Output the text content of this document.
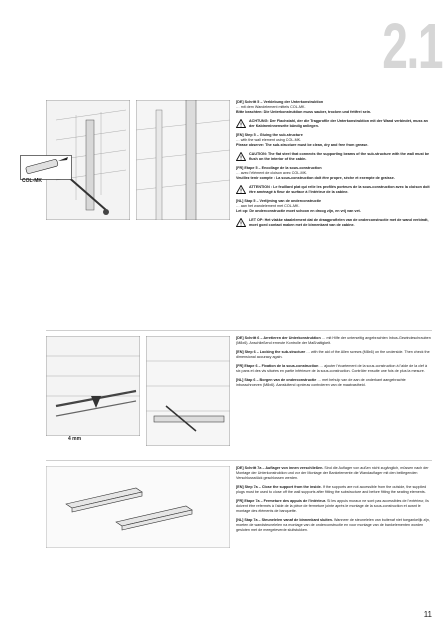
2.1
COL-MK

[DE] Schritt 5 – Verklebung der Unterkonstruktion
… mit dem Wandelement mittels COL-MK.
Bitte beachten: Die Unterkonstruktion muss sauber, trocken und fettfrei sein.

!
ACHTUNG: Der Flachstahl, der die Tragprofile der Unterkonstruktion mit der Wand verbindet, muss an der Kabineninnenseite bündig anliegen.

[EN] Step 5 – Gluing the sub-structure
… with the wall element using COL-MK.
Please observe: The sub-structure must be clean, dry and free from grease.

!
CAUTION: The flat steel that connects the supporting beams of the sub-structure with the wall must be flush on the interior of the cabin.

[FR] Etape 5 – Encollage de la sous-construction
… avec l’élément de cloison avec COL-MK.
Veuillez tenir compte : La sous-construction doit être propre, sèche et exempte de graisse.

!
ATTENTION : Le feuillard plat qui relie les profilés porteurs de la sous-construction avec la cloison doit être aménagé à fleur de surface à l’intérieur de la cabine.

[NL] Stap 5 – Verlijming van de onderconstructie
… aan het wandelement met COL-MK.
Let op: De onderconstructie moet schoon en droog zijn, en vrij van vet.

!
LET OP: Het vlakke staalelement dat de draagprofielen van de onderconstructie met de wand verbindt, moet goed contact maken met de binnenkant van de cabine.
4 mm

[DE] Schritt 6 – Arretieren der Unterkonstruktion … mit Hilfe der unterseitig angebrachten Inbus-Gewindeschrauben (M8x6). Anschließend erneute Kontrolle der Maßhaltigkeit.

[EN] Step 6 – Locking the sub-structure … with the aid of the Allen screws (M8x6) on the underside. Then check the dimensional accuracy again.

[FR] Etape 6 – Fixation de la sous-construction … ajouter l’écartement de la sous-construction à l’aide de la clef à six pans et des vis situées en partie inférieure de la sous-construction. Contrôler ensuite une fois de plus la mesure.

[NL] Stap 6 – Borgen van de onderconstructie … met behulp van de aan de onderkant aangebrachte inbusschroeven (M8x6). Aansluitend opnieuw controleren van de maatvastheid.

[DE] Schritt 7a – Auflager von innen verschließen. Sind die Auflager von außen nicht zugänglich, müssen nach der Montage der Unterkonstruktion und vor der Montage der Bankelemente die Wandauflager mit den beiliegenden Verschlussstück geschlossen werden.

[EN] Step 7a – Close the support from the inside. If the supports are not accessible from the outside, the supplied plugs must be used to close off the wall supports after fitting the substructure and before fitting the seating elements.

[FR] Etape 7a – Fermeture des appuis de l’intérieur. Si les appuis muraux ne sont pas accessibles de l’extérieur, ils doivent être refermés à l’aide de la pièce de fermeture jointe après le montage de la sous-construction et avant le montage des éléments de banquette.

[NL] Stap 7a – Steunelelen vanaf de binnenkant sluiten. Wanneer de steunelelen van buitenaf niet toegankelijk zijn, moeten de wandsteunelelen na montage van de onderconstructie en voor montage van de bankelementen worden gesloten met de meegeleverde sluitstukken.

11
